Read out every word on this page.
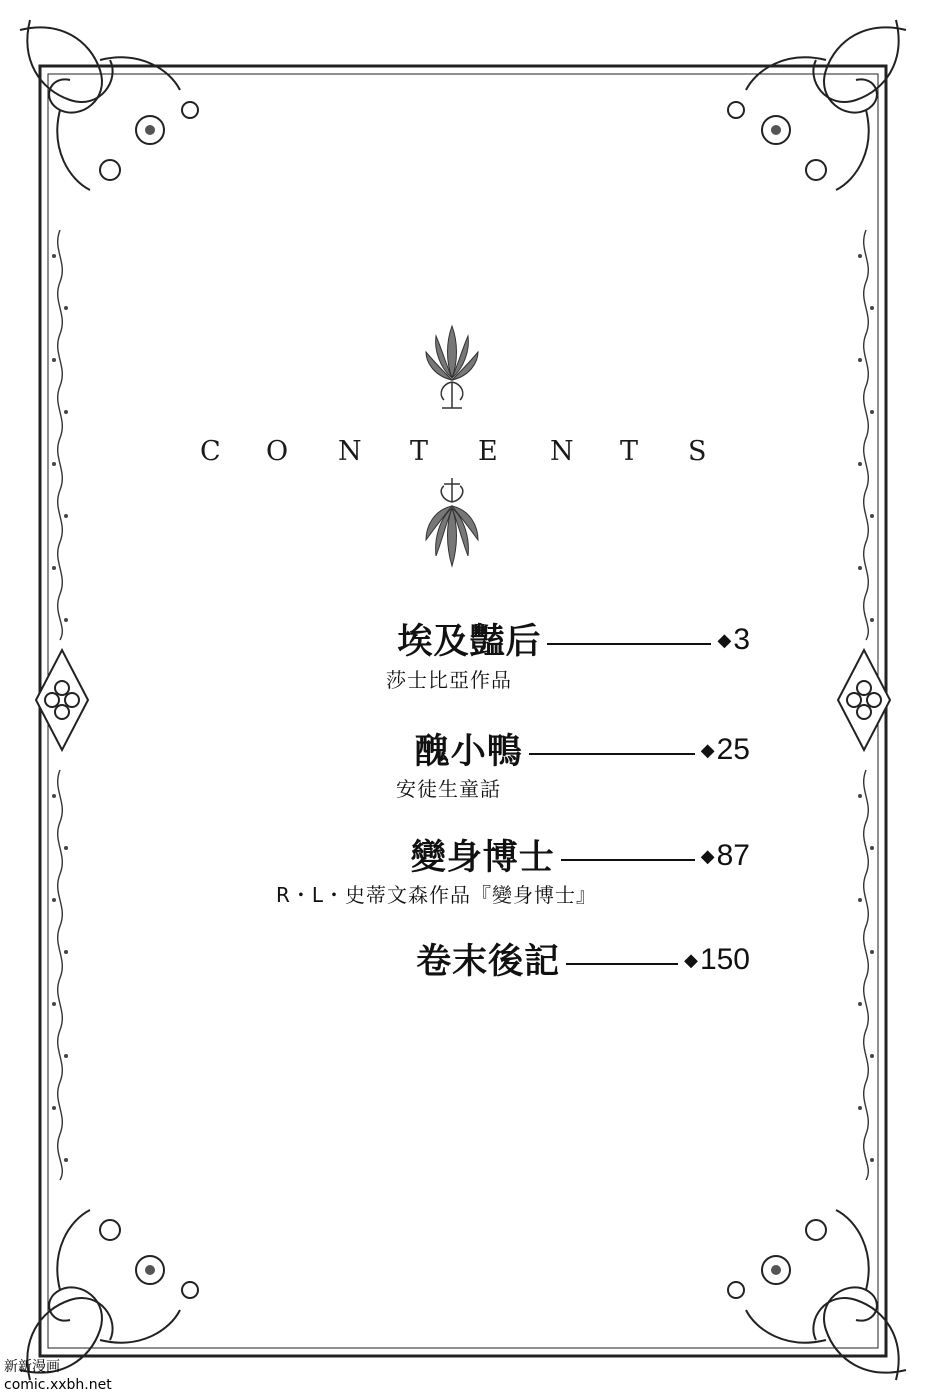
C O N T E N T S
埃及豔后	◆3
莎士比亞作品
醜小鴨	◆25
安徒生童話
變身博士	◆87
R・L・史蒂文森作品『變身博士』
卷末後記	◆150
新新漫画
comic.xxbh.net
